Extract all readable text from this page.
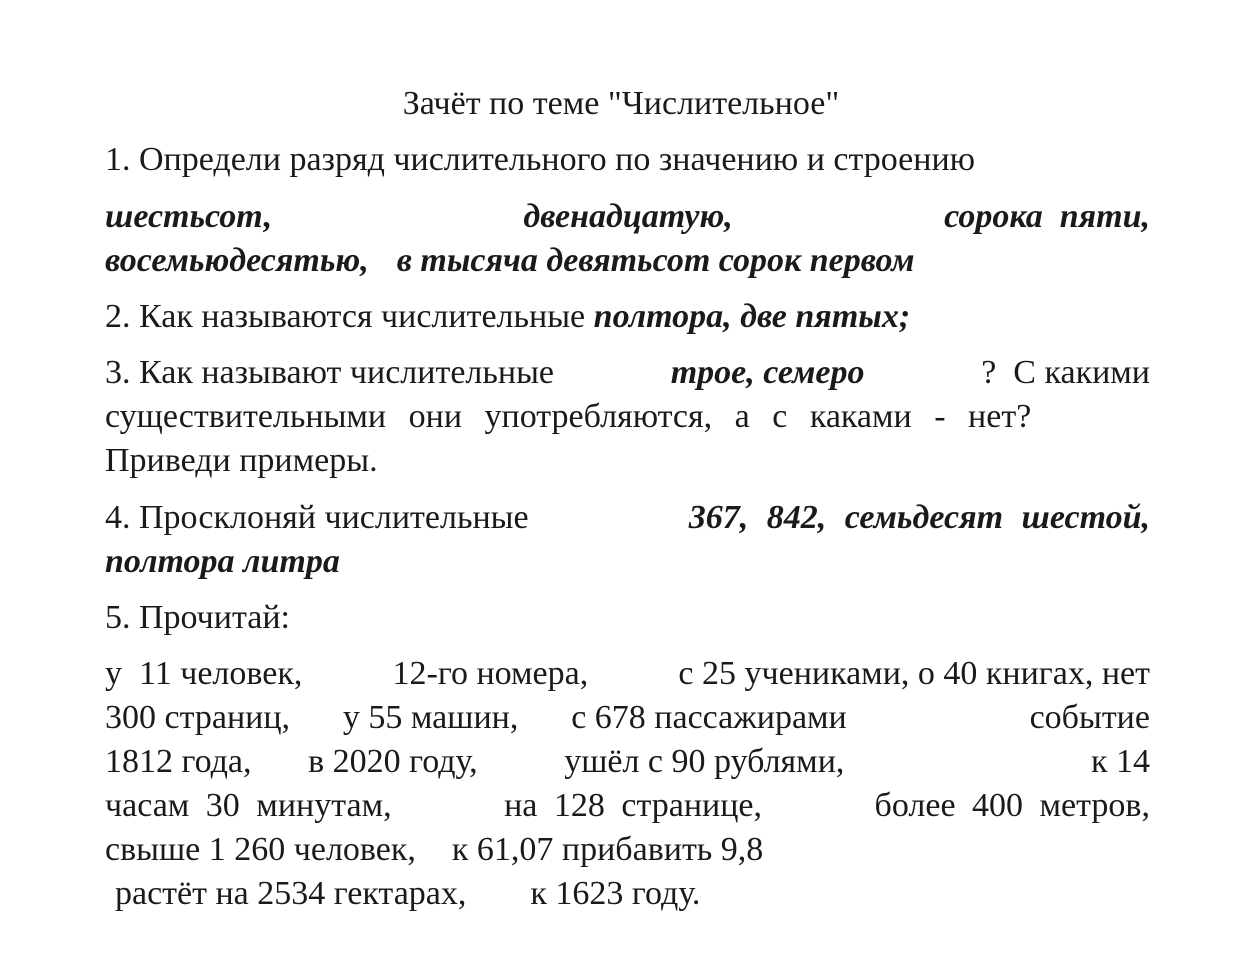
Зачёт по теме "Числительное"
1. Определи разряд числительного по значению и строению
шестьсот,	двенадцатую,	сорока  пяти,
восемьюдесятью, в тысяча девятьсот сорок первом
2. Как называются числительные полтора, две пятых;
3. Как называют числительные	трое, семеро	?  С какими
существительными они употребляются, а с каками - нет?
Приведи примеры.
4. Просклоняй числительные	367, 842, семьдесят шестой,
полтора литра
5. Прочитай:
у  11 человек,	12-го номера,	с 25 учениками, о 40 книгах, нет
300 страниц, у 55 машин, с 678 пассажирами	событие
1812 года, в 2020 году,	ушёл с 90 рублями,	к 14
часам 30 минутам,	на 128 странице,	более 400 метров,
свыше 1 260 человек, к 61,07 прибавить 9,8
растёт на 2534 гектарах, к 1623 году.
